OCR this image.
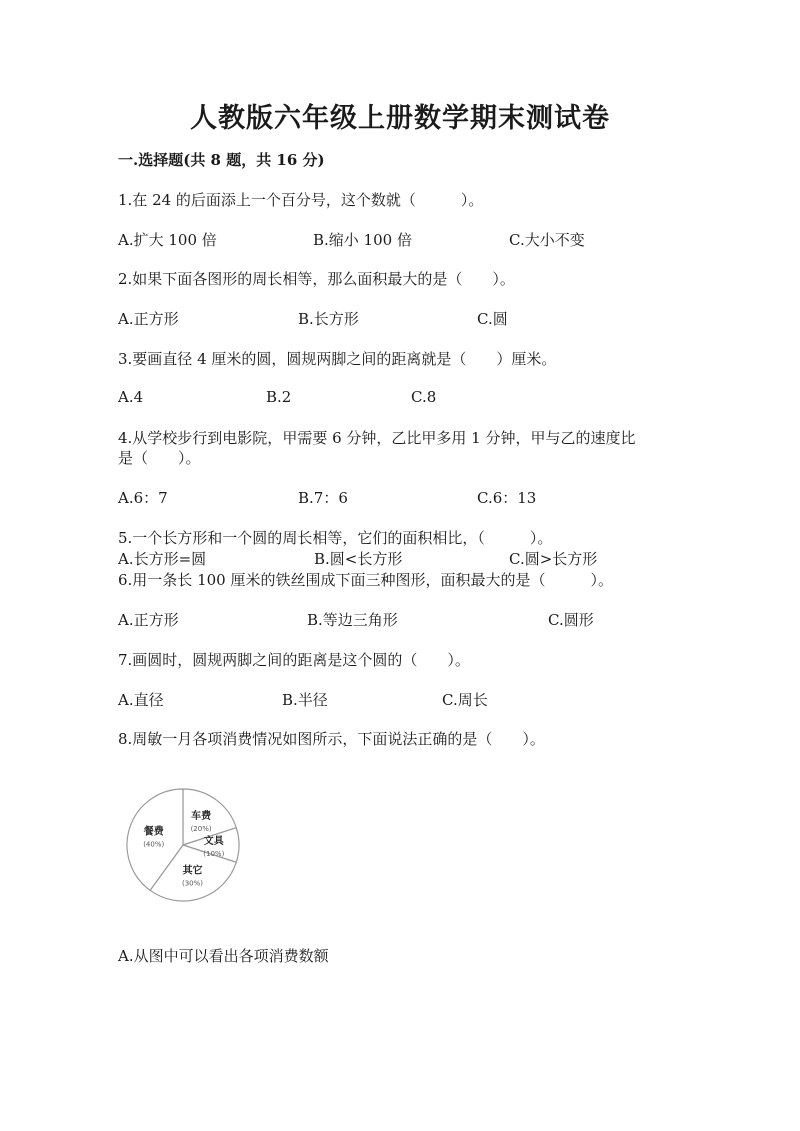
人教版六年级上册数学期末测试卷
一.选择题(共 8 题，共 16 分)
1.在 24 的后面添上一个百分号，这个数就（　　　）。
A.扩大 100 倍	B.缩小 100 倍	C.大小不变
2.如果下面各图形的周长相等，那么面积最大的是（　　）。
A.正方形	B.长方形	C.圆
3.要画直径 4 厘米的圆，圆规两脚之间的距离就是（　　）厘米。
A.4	B.2	C.8
4.从学校步行到电影院，甲需要 6 分钟，乙比甲多用 1 分钟，甲与乙的速度比
是（　　）。
A.6：7	B.7：6	C.6：13
5.一个长方形和一个圆的周长相等，它们的面积相比，（　　　）。
A.长方形=圆	B.圆<长方形	C.圆>长方形
6.用一条长 100 厘米的铁丝围成下面三种图形，面积最大的是（　　　）。
A.正方形	B.等边三角形	C.圆形
7.画圆时，圆规两脚之间的距离是这个圆的（　　）。
A.直径	B.半径	C.周长
8.周敏一月各项消费情况如图所示，下面说法正确的是（　　）。
车费
(20%)
文具
(10%)
其它
(30%)
餐费
(40%)
A.从图中可以看出各项消费数额
